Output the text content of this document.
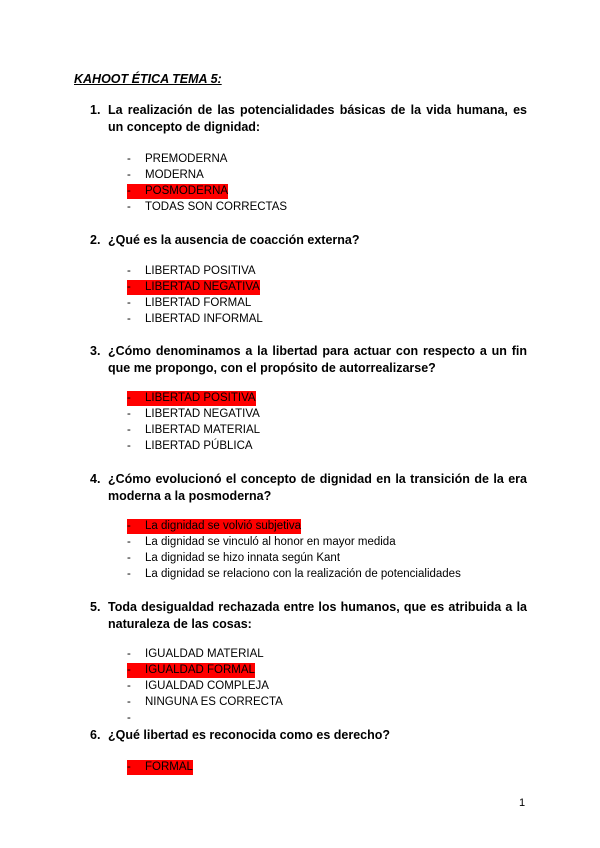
KAHOOT ÉTICA TEMA 5:
1. La realización de las potencialidades básicas de la vida humana, es un concepto de dignidad:
- PREMODERNA
- MODERNA
- POSMODERNA
- TODAS SON CORRECTAS
2. ¿Qué es la ausencia de coacción externa?
- LIBERTAD POSITIVA
- LIBERTAD NEGATIVA
- LIBERTAD FORMAL
- LIBERTAD INFORMAL
3. ¿Cómo denominamos a la libertad para actuar con respecto a un fin que me propongo, con el propósito de autorrealizarse?
- LIBERTAD POSITIVA
- LIBERTAD NEGATIVA
- LIBERTAD MATERIAL
- LIBERTAD PÚBLICA
4. ¿Cómo evolucionó el concepto de dignidad en la transición de la era moderna a la posmoderna?
- La dignidad se volvió subjetiva
- La dignidad se vinculó al honor en mayor medida
- La dignidad se hizo innata según Kant
- La dignidad se relaciono con la realización de potencialidades
5. Toda desigualdad rechazada entre los humanos, que es atribuida a la naturaleza de las cosas:
- IGUALDAD MATERIAL
- IGUALDAD FORMAL
- IGUALDAD COMPLEJA
- NINGUNA ES CORRECTA
-
6. ¿Qué libertad es reconocida como es derecho?
- FORMAL
1
